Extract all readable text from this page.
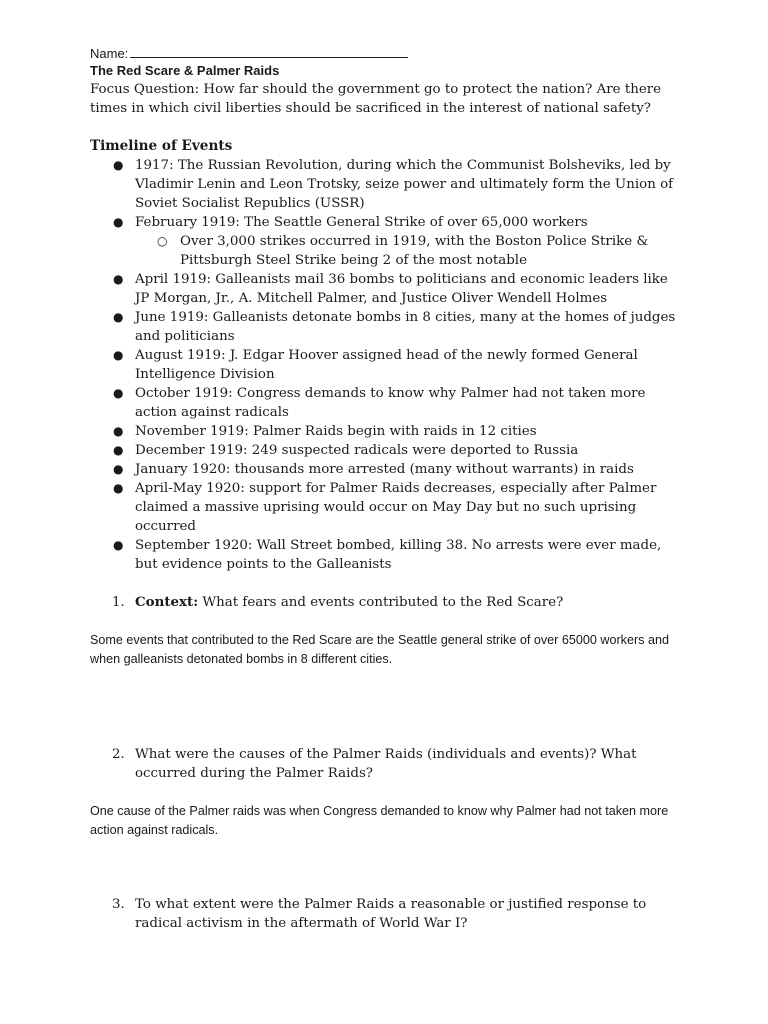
Name:
The Red Scare & Palmer Raids
Focus Question: How far should the government go to protect the nation? Are there times in which civil liberties should be sacrificed in the interest of national safety?
Timeline of Events
● 1917: The Russian Revolution, during which the Communist Bolsheviks, led by Vladimir Lenin and Leon Trotsky, seize power and ultimately form the Union of Soviet Socialist Republics (USSR)
● February 1919: The Seattle General Strike of over 65,000 workers
○ Over 3,000 strikes occurred in 1919, with the Boston Police Strike & Pittsburgh Steel Strike being 2 of the most notable
● April 1919: Galleanists mail 36 bombs to politicians and economic leaders like JP Morgan, Jr., A. Mitchell Palmer, and Justice Oliver Wendell Holmes
● June 1919: Galleanists detonate bombs in 8 cities, many at the homes of judges and politicians
● August 1919: J. Edgar Hoover assigned head of the newly formed General Intelligence Division
● October 1919: Congress demands to know why Palmer had not taken more action against radicals
● November 1919: Palmer Raids begin with raids in 12 cities
● December 1919: 249 suspected radicals were deported to Russia
● January 1920: thousands more arrested (many without warrants) in raids
● April-May 1920: support for Palmer Raids decreases, especially after Palmer claimed a massive uprising would occur on May Day but no such uprising occurred
● September 1920: Wall Street bombed, killing 38. No arrests were ever made, but evidence points to the Galleanists
1. Context: What fears and events contributed to the Red Scare?
Some events that contributed to the Red Scare are the Seattle general strike of over 65000 workers and when galleanists detonated bombs in 8 different cities.
2. What were the causes of the Palmer Raids (individuals and events)? What occurred during the Palmer Raids?
One cause of the Palmer raids was when Congress demanded to know why Palmer had not taken more action against radicals.
3. To what extent were the Palmer Raids a reasonable or justified response to radical activism in the aftermath of World War I?
